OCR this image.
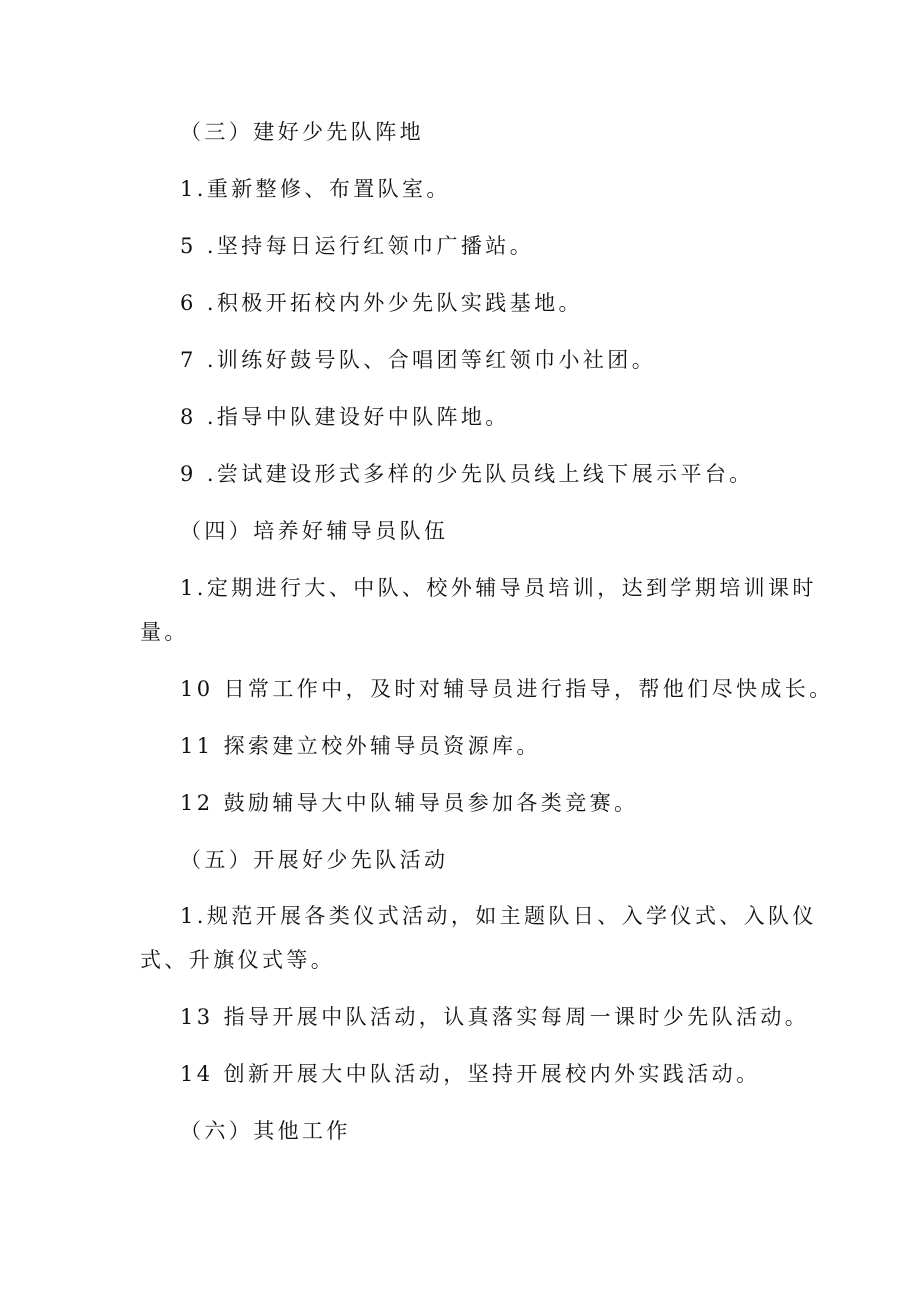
（三）建好少先队阵地

1.重新整修、布置队室。

5 .坚持每日运行红领巾广播站。

6 .积极开拓校内外少先队实践基地。

7 .训练好鼓号队、合唱团等红领巾小社团。

8 .指导中队建设好中队阵地。

9 .尝试建设形式多样的少先队员线上线下展示平台。

（四）培养好辅导员队伍

1.定期进行大、中队、校外辅导员培训，达到学期培训课时

量。

10 日常工作中，及时对辅导员进行指导，帮他们尽快成长。

11 探索建立校外辅导员资源库。

12 鼓励辅导大中队辅导员参加各类竞赛。

（五）开展好少先队活动

1.规范开展各类仪式活动，如主题队日、入学仪式、入队仪

式、升旗仪式等。

13 指导开展中队活动，认真落实每周一课时少先队活动。

14 创新开展大中队活动，坚持开展校内外实践活动。

（六）其他工作
